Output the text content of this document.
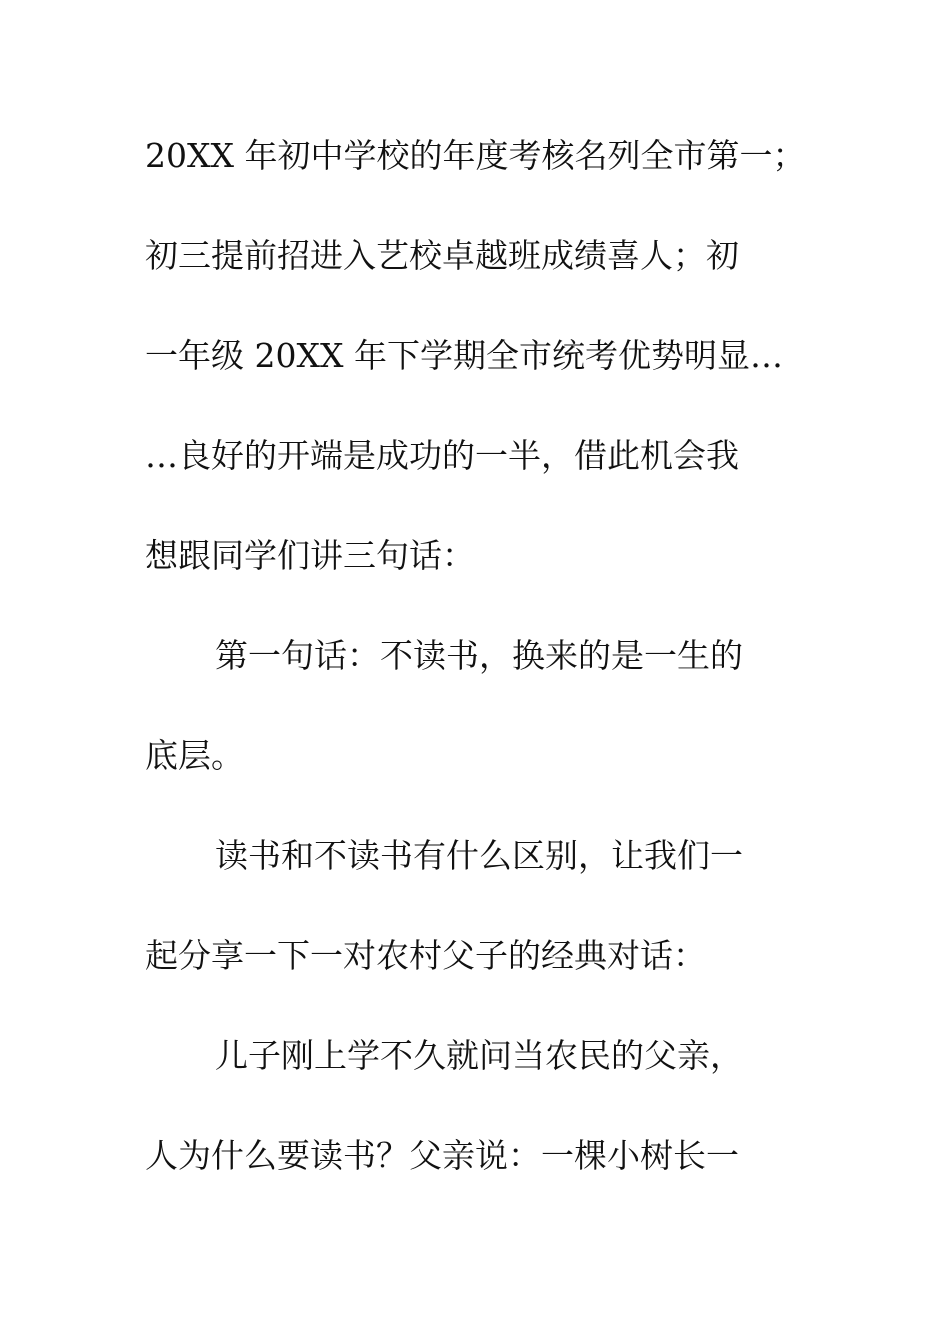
20XX 年初中学校的年度考核名列全市第一；
初三提前招进入艺校卓越班成绩喜人；初
一年级 20XX 年下学期全市统考优势明显…
…良好的开端是成功的一半，借此机会我
想跟同学们讲三句话：
第一句话：不读书，换来的是一生的
底层。
读书和不读书有什么区别，让我们一
起分享一下一对农村父子的经典对话：
儿子刚上学不久就问当农民的父亲，
人为什么要读书？父亲说：一棵小树长一
